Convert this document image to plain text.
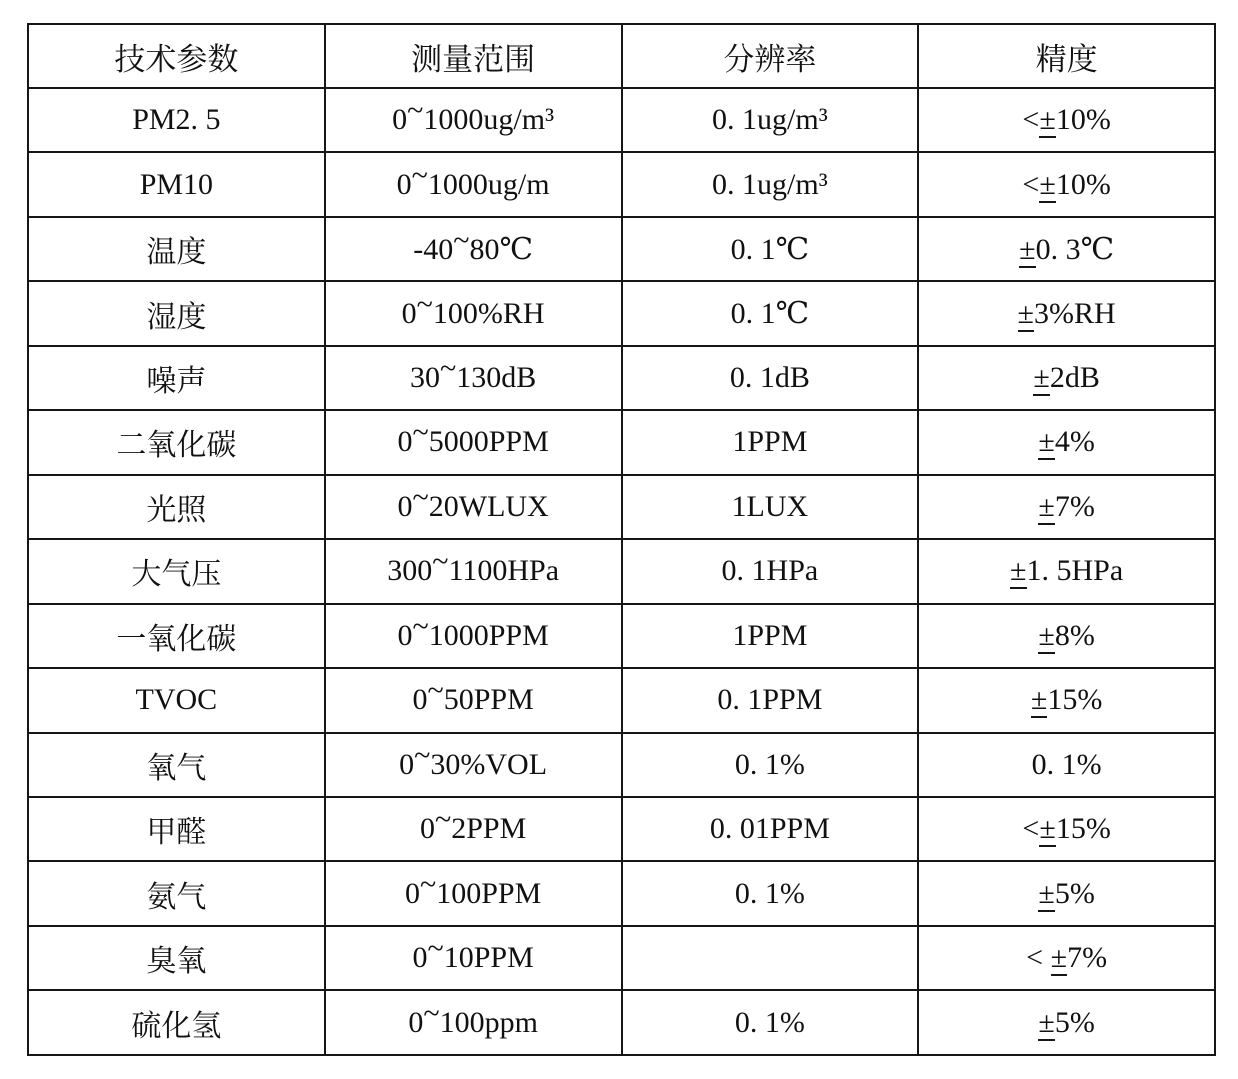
技术参数	测量范围	分辨率	精度
PM2. 5	0~1000ug/m³	0. 1ug/m³	<±10%
PM10	0~1000ug/m	0. 1ug/m³	<±10%
温度	-40~80℃	0. 1℃	±0. 3℃
湿度	0~100%RH	0. 1℃	±3%RH
噪声	30~130dB	0. 1dB	±2dB
二氧化碳	0~5000PPM	1PPM	±4%
光照	0~20WLUX	1LUX	±7%
大气压	300~1100HPa	0. 1HPa	±1. 5HPa
一氧化碳	0~1000PPM	1PPM	±8%
TVOC	0~50PPM	0. 1PPM	±15%
氧气	0~30%VOL	0. 1%	0. 1%
甲醛	0~2PPM	0. 01PPM	<±15%
氨气	0~100PPM	0. 1%	±5%
臭氧	0~10PPM		< ±7%
硫化氢	0~100ppm	0. 1%	±5%
